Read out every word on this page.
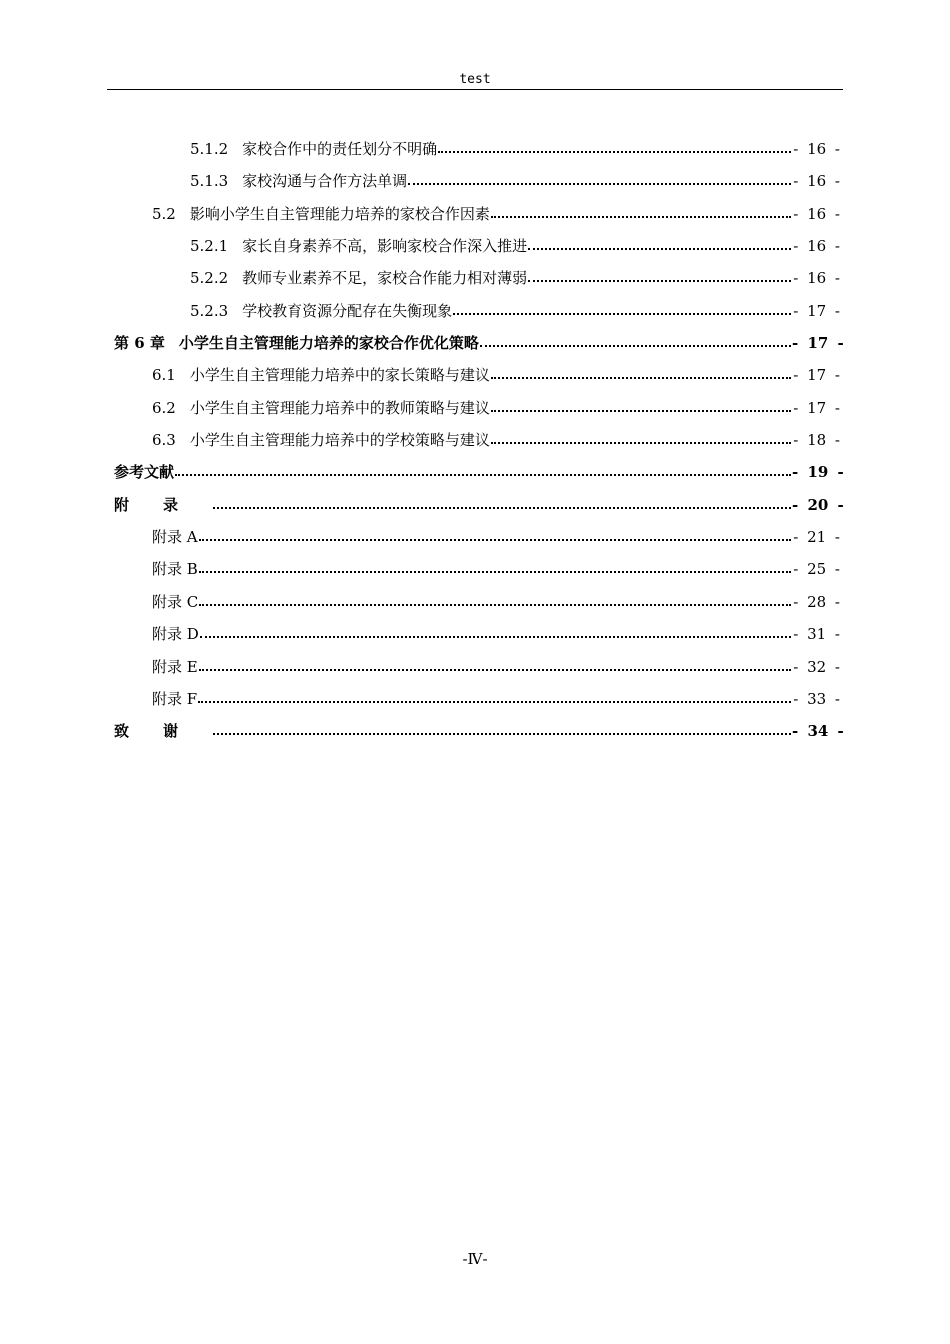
test
5.1.2 家校合作中的责任划分不明确	- 16 -
5.1.3 家校沟通与合作方法单调	- 16 -
5.2 影响小学生自主管理能力培养的家校合作因素	- 16 -
5.2.1 家长自身素养不高，影响家校合作深入推进	- 16 -
5.2.2 教师专业素养不足，家校合作能力相对薄弱	- 16 -
5.2.3 学校教育资源分配存在失衡现象	- 17 -
第 6 章 小学生自主管理能力培养的家校合作优化策略	- 17 -
6.1 小学生自主管理能力培养中的家长策略与建议	- 17 -
6.2 小学生自主管理能力培养中的教师策略与建议	- 17 -
6.3 小学生自主管理能力培养中的学校策略与建议	- 18 -
参考文献	- 19 -
附录	- 20 -
附录 A	- 21 -
附录 B	- 25 -
附录 C	- 28 -
附录 D	- 31 -
附录 E	- 32 -
附录 F	- 33 -
致谢	- 34 -
-Ⅳ-
